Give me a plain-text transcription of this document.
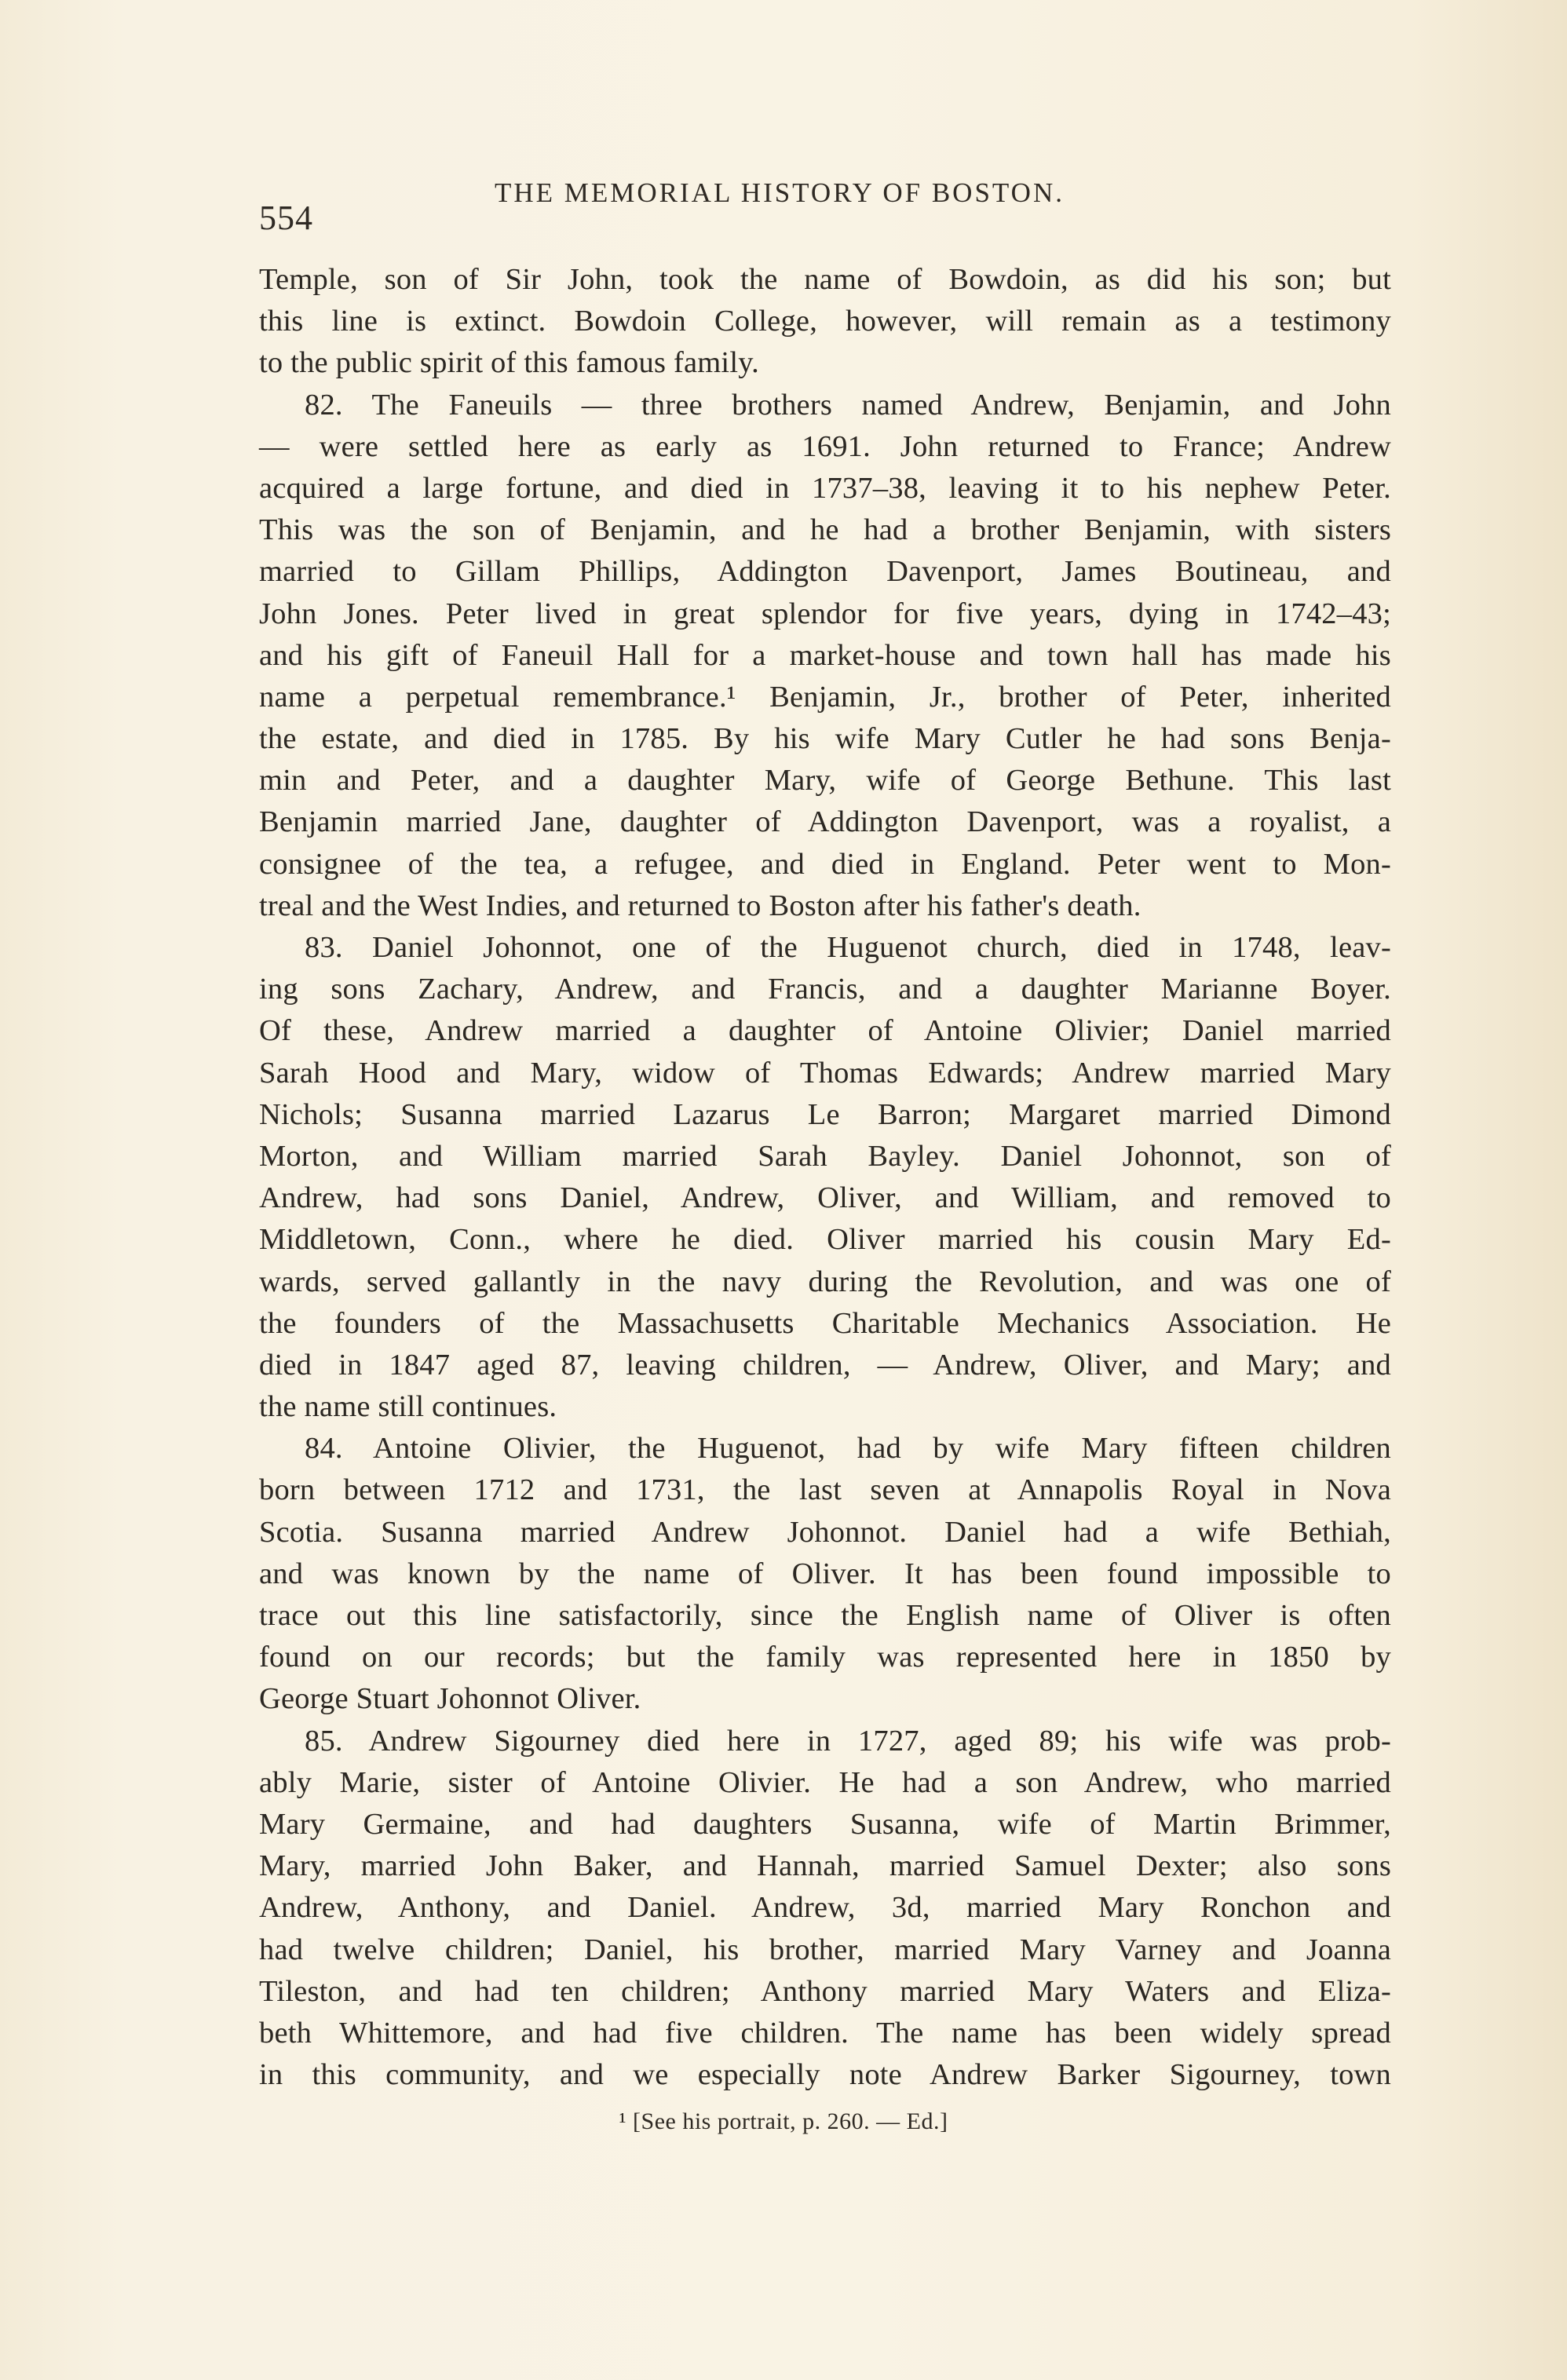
554
THE MEMORIAL HISTORY OF BOSTON.
Temple, son of Sir John, took the name of Bowdoin, as did his son; but
this line is extinct. Bowdoin College, however, will remain as a testimony
to the public spirit of this famous family.
82. The Faneuils — three brothers named Andrew, Benjamin, and John
— were settled here as early as 1691. John returned to France; Andrew
acquired a large fortune, and died in 1737–38, leaving it to his nephew Peter.
This was the son of Benjamin, and he had a brother Benjamin, with sisters
married to Gillam Phillips, Addington Davenport, James Boutineau, and
John Jones. Peter lived in great splendor for five years, dying in 1742–43;
and his gift of Faneuil Hall for a market-house and town hall has made his
name a perpetual remembrance.¹ Benjamin, Jr., brother of Peter, inherited
the estate, and died in 1785. By his wife Mary Cutler he had sons Benja-
min and Peter, and a daughter Mary, wife of George Bethune. This last
Benjamin married Jane, daughter of Addington Davenport, was a royalist, a
consignee of the tea, a refugee, and died in England. Peter went to Mon-
treal and the West Indies, and returned to Boston after his father's death.
83. Daniel Johonnot, one of the Huguenot church, died in 1748, leav-
ing sons Zachary, Andrew, and Francis, and a daughter Marianne Boyer.
Of these, Andrew married a daughter of Antoine Olivier; Daniel married
Sarah Hood and Mary, widow of Thomas Edwards; Andrew married Mary
Nichols; Susanna married Lazarus Le Barron; Margaret married Dimond
Morton, and William married Sarah Bayley. Daniel Johonnot, son of
Andrew, had sons Daniel, Andrew, Oliver, and William, and removed to
Middletown, Conn., where he died. Oliver married his cousin Mary Ed-
wards, served gallantly in the navy during the Revolution, and was one of
the founders of the Massachusetts Charitable Mechanics Association. He
died in 1847 aged 87, leaving children, — Andrew, Oliver, and Mary; and
the name still continues.
84. Antoine Olivier, the Huguenot, had by wife Mary fifteen children
born between 1712 and 1731, the last seven at Annapolis Royal in Nova
Scotia. Susanna married Andrew Johonnot. Daniel had a wife Bethiah,
and was known by the name of Oliver. It has been found impossible to
trace out this line satisfactorily, since the English name of Oliver is often
found on our records; but the family was represented here in 1850 by
George Stuart Johonnot Oliver.
85. Andrew Sigourney died here in 1727, aged 89; his wife was prob-
ably Marie, sister of Antoine Olivier. He had a son Andrew, who married
Mary Germaine, and had daughters Susanna, wife of Martin Brimmer,
Mary, married John Baker, and Hannah, married Samuel Dexter; also sons
Andrew, Anthony, and Daniel. Andrew, 3d, married Mary Ronchon and
had twelve children; Daniel, his brother, married Mary Varney and Joanna
Tileston, and had ten children; Anthony married Mary Waters and Eliza-
beth Whittemore, and had five children. The name has been widely spread
in this community, and we especially note Andrew Barker Sigourney, town
¹ [See his portrait, p. 260. — Ed.]
